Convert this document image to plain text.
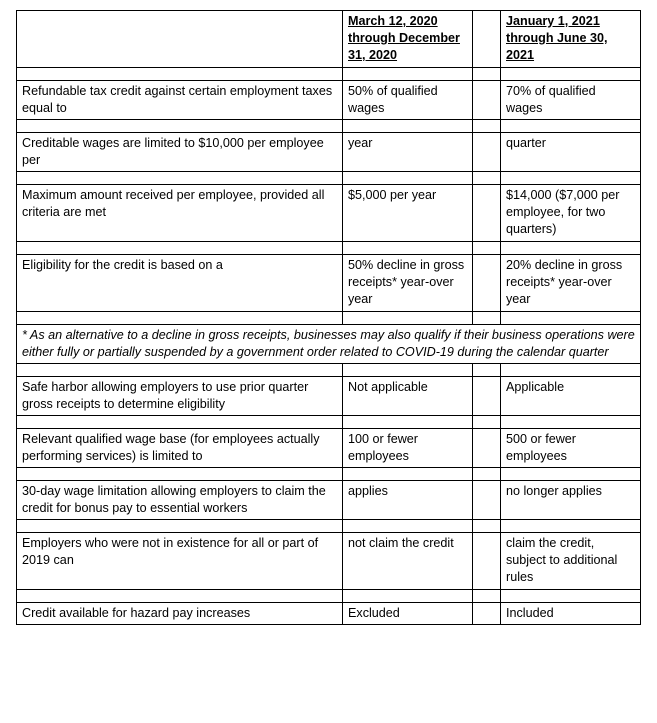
	March 12, 2020 through December 31, 2020		January 1, 2021 through June 30, 2021

Refundable tax credit against certain employment taxes equal to	50% of qualified wages		70% of qualified wages

Creditable wages are limited to $10,000 per employee per	year		quarter

Maximum amount received per employee, provided all criteria are met	$5,000 per year		$14,000 ($7,000 per employee, for two quarters)

Eligibility for the credit is based on a	50% decline in gross receipts* year-over year		20% decline in gross receipts* year-over year

* As an alternative to a decline in gross receipts, businesses may also qualify if their business operations were either fully or partially suspended by a government order related to COVID-19 during the calendar quarter			

Safe harbor allowing employers to use prior quarter gross receipts to determine eligibility	Not applicable		Applicable

Relevant qualified wage base (for employees actually performing services) is limited to	100 or fewer employees		500 or fewer employees

30-day wage limitation allowing employers to claim the credit for bonus pay to essential workers	applies		no longer applies

Employers who were not in existence for all or part of 2019 can	not claim the credit		claim the credit, subject to additional rules

Credit available for hazard pay increases	Excluded		Included
